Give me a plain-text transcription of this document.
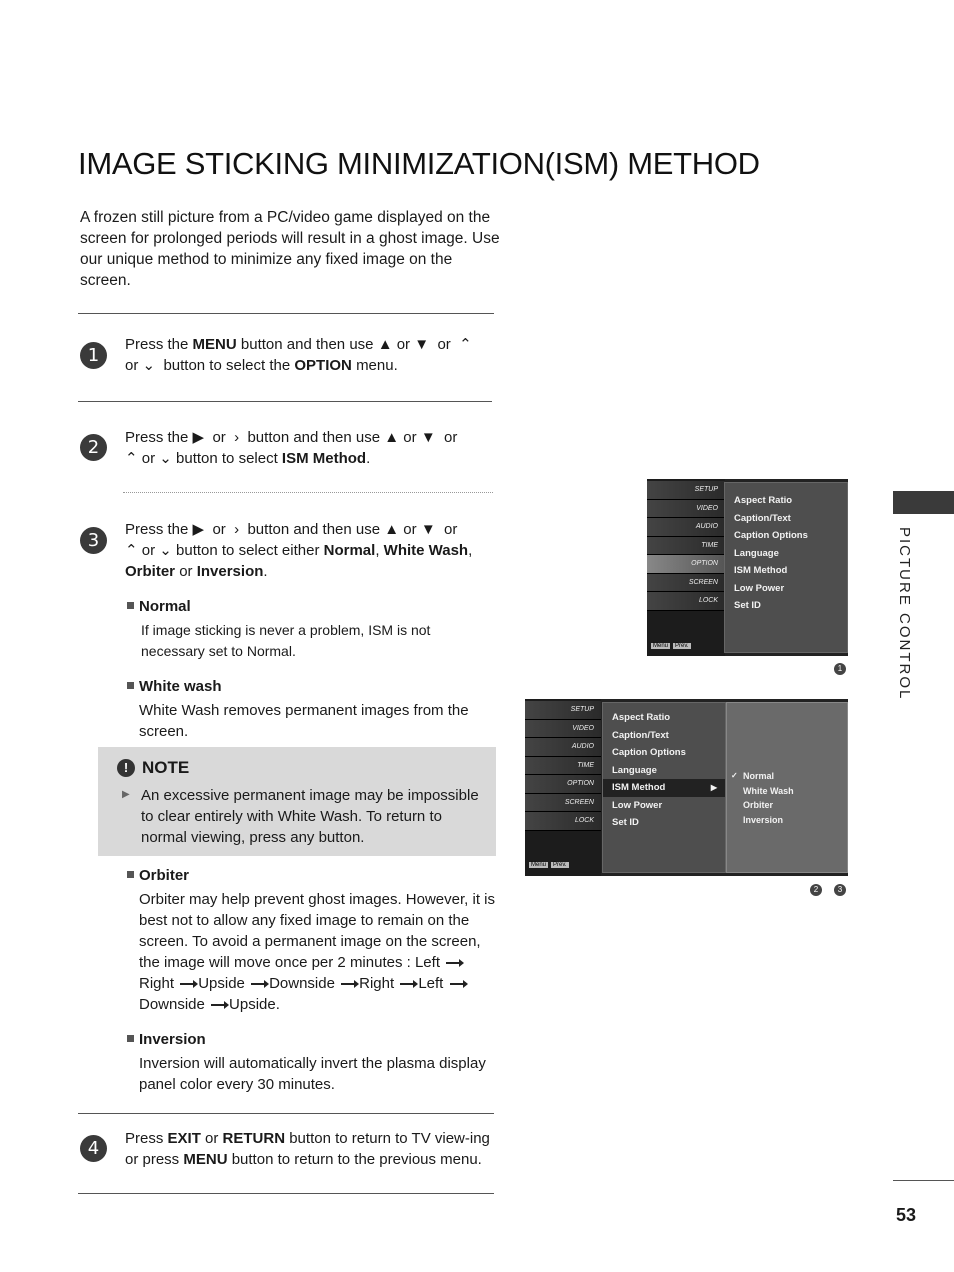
IMAGE STICKING MINIMIZATION(ISM) METHOD
A frozen still picture from a PC/video game displayed on the screen for prolonged periods will result in a ghost image. Use our unique method to minimize any fixed image on the screen.
1
Press the MENU button and then use ▲ or ▼ or ⌃
or ⌄ button to select the OPTION menu.
2	Press the ▶ or › button and then use ▲ or ▼ or
⌃ or ⌄ button to select ISM Method.
3
Press the ▶ or › button and then use ▲ or ▼ or
⌃ or ⌄ button to select either Normal, White Wash,
Orbiter or Inversion.
Normal
If image sticking is never a problem, ISM is not necessary set to Normal.
White wash
White Wash removes permanent images from the screen.
! NOTE
▶ An excessive permanent image may be impossible to clear entirely with White Wash. To return to normal viewing, press any button.
Orbiter
Orbiter may help prevent ghost images. However, it is best not to allow any fixed image to remain on the screen. To avoid a permanent image on the screen, the image will move once per 2 minutes : Left  Right Upside Downside Right Left  Downside Upside.
Inversion
Inversion will automatically invert the plasma display panel color every 30 minutes.
4	Press EXIT or RETURN button to return to TV view-ing or press MENU button to return to the previous menu.
PICTURE CONTROL
53
SETUP
VIDEO
AUDIO
TIME
OPTION
SCREEN
LOCK
Menu Prev.
Aspect Ratio
Caption/Text
Caption Options
Language
ISM Method
Low Power
Set ID
1
SETUP
VIDEO
AUDIO
TIME
OPTION
SCREEN
LOCK
Menu Prev.
Aspect Ratio
Caption/Text
Caption Options
Language
ISM Method	▶
Low Power
Set ID
✓ Normal
White Wash
Orbiter
Inversion
2	3
